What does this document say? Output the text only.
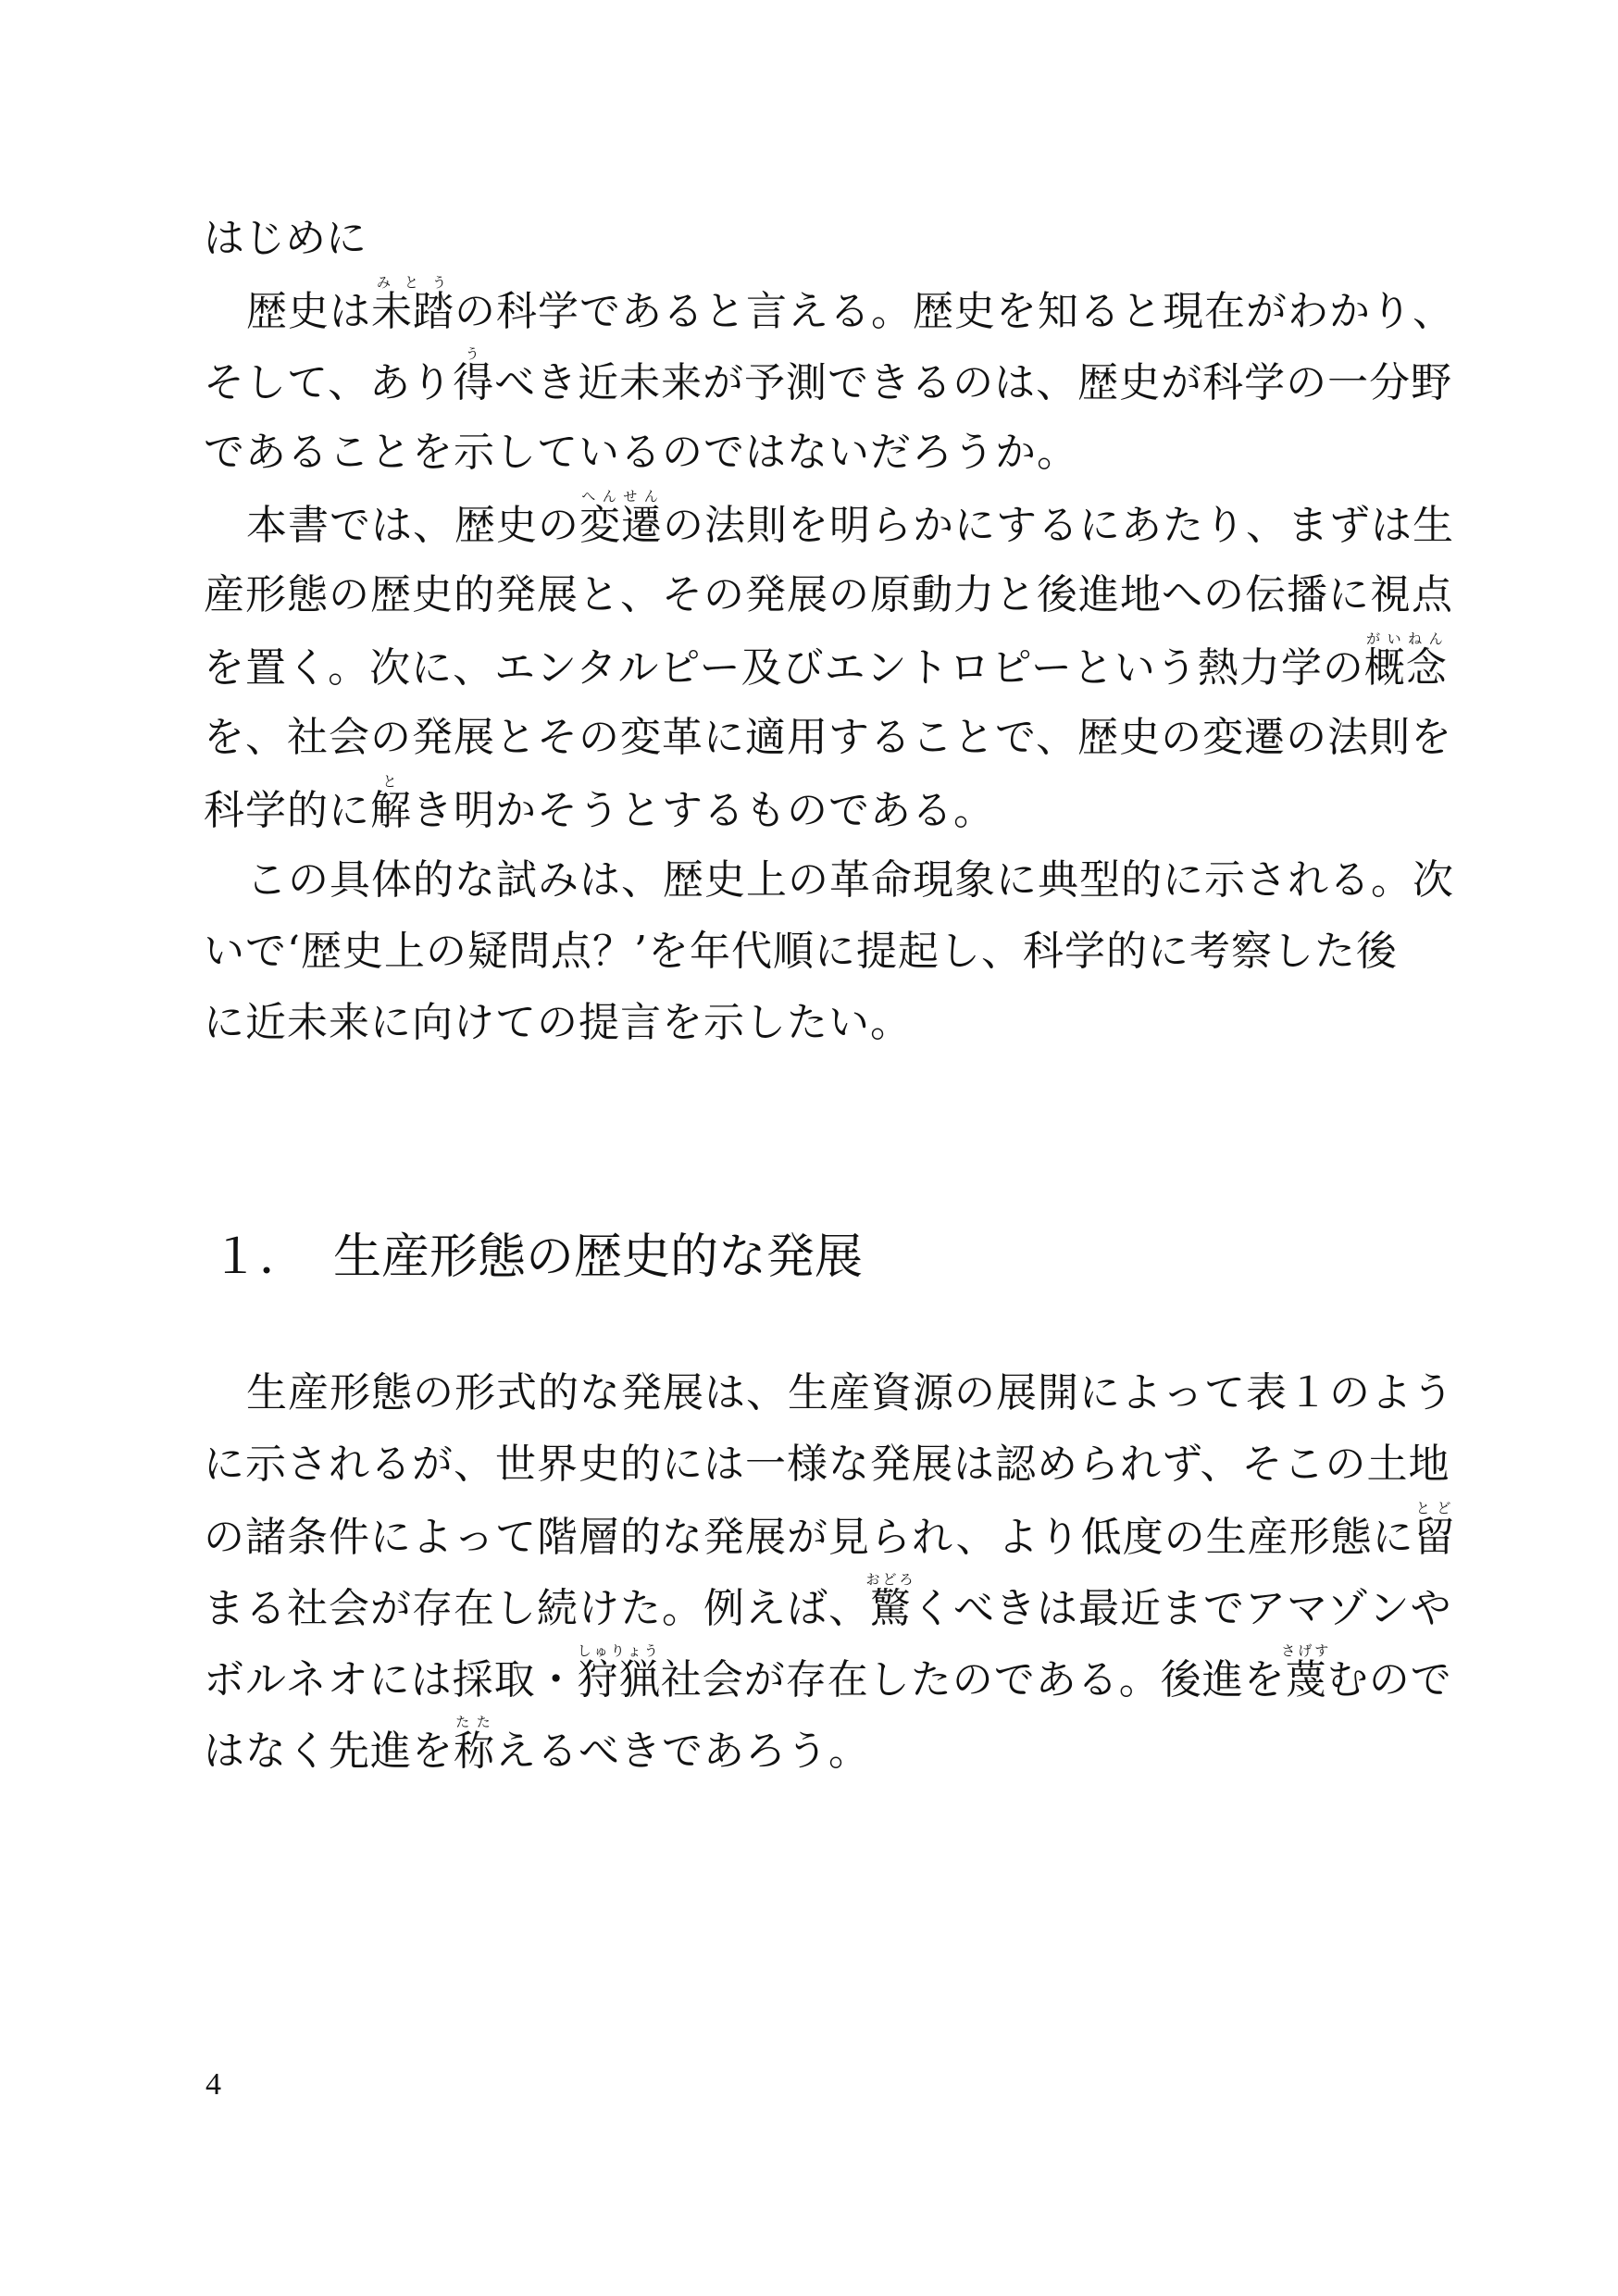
はじめに
歴史は未踏みとうの科学であると言える。歴史を知ると現在がわかり、
そして、あり得うべき近未来が予測できるのは、歴史が科学の一分野
であることを示しているのではないだろうか。
本書では、歴史の変遷へんせんの法則を明らかにするにあたり、まずは生
産形態の歴史的発展と、その発展の原動力と後進地への伝播に視点
を置く。次に、エンタルピー及びエントロピーという熱力学の概念がいねん
を、社会の発展とその変革に適用することで、歴史の変遷の法則を
科学的に解とき明かそうとするものである。
この具体的な試みは、歴史上の革命現象に典型的に示される。次
いで‘歴史上の疑問点？’を年代順に提起し、科学的に考察した後
に近未来に向けての提言を示したい。
１． 生産形態の歴史的な発展
生産形態の形式的な発展は、生産資源の展開によって表１のよう
に示されるが、世界史的には一様な発展は認められず、そこの土地
の諸条件によって階層的な発展が見られ、より低度の生産形態に留とど
まる社会が存在し続けた。例えば、驚おどろくべきは最近までアマゾンや
ボルネオには採取・狩猟しゅりょう社会が存在したのである。後進を蔑さげすむので
はなく先進を称たたえるべきであろう。
4
